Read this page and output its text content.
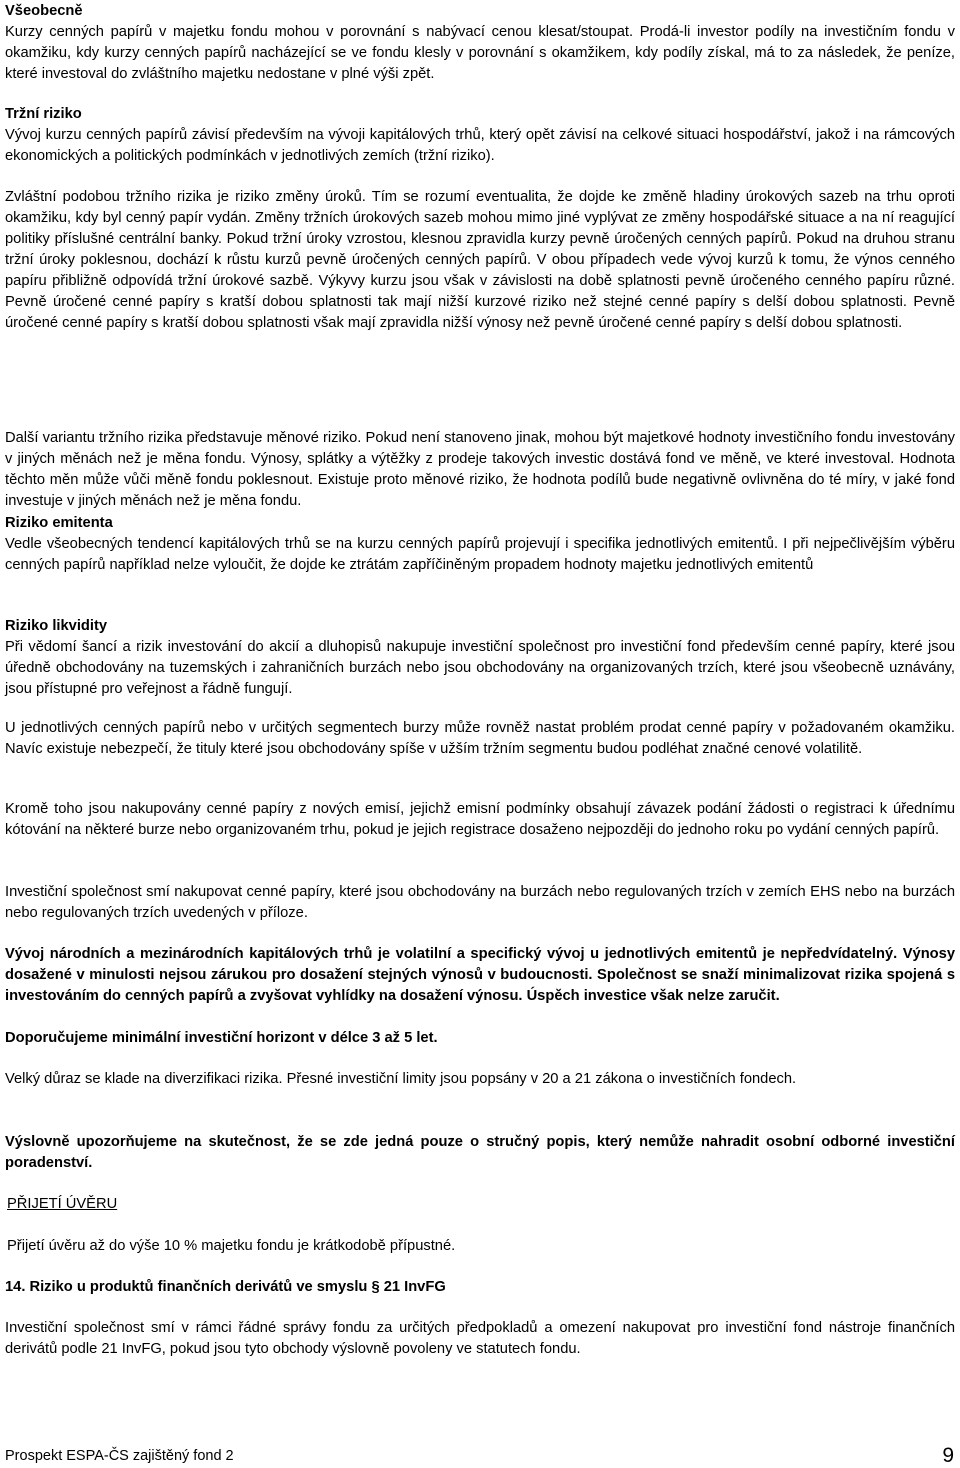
Všeobecně

Kurzy cenných papírů v majetku fondu mohou v porovnání s nabývací cenou klesat/stoupat. Prodá-li investor podíly na investičním fondu v okamžiku, kdy kurzy cenných papírů nacházející se ve fondu klesly v porovnání s okamžikem, kdy podíly získal, má to za následek, že peníze, které investoval do zvláštního majetku nedostane v plné výši zpět.

Tržní riziko

Vývoj kurzu cenných papírů závisí především na vývoji kapitálových trhů, který opět závisí na celkové situaci hospodářství, jakož i na rámcových ekonomických a politických podmínkách v jednotlivých zemích (tržní riziko).

Zvláštní podobou tržního rizika je riziko změny úroků. Tím se rozumí eventualita, že dojde ke změně hladiny úrokových sazeb na trhu oproti okamžiku, kdy byl cenný papír vydán. Změny tržních úrokových sazeb mohou mimo jiné vyplývat ze změny hospodářské situace a na ní reagující politiky příslušné centrální banky. Pokud tržní úroky vzrostou, klesnou zpravidla kurzy pevně úročených cenných papírů. Pokud na druhou stranu tržní úroky poklesnou, dochází k růstu kurzů pevně úročených cenných papírů. V obou případech vede vývoj kurzů k tomu, že výnos cenného papíru přibližně odpovídá tržní úrokové sazbě. Výkyvy kurzu jsou však v závislosti na době splatnosti pevně úročeného cenného papíru různé. Pevně úročené cenné papíry s kratší dobou splatnosti tak mají nižší kurzové riziko než stejné cenné papíry s delší dobou splatnosti. Pevně úročené cenné papíry s kratší dobou splatnosti však mají zpravidla nižší výnosy než pevně úročené cenné papíry s delší dobou splatnosti.

Další variantu tržního rizika představuje měnové riziko. Pokud není stanoveno jinak, mohou být majetkové hodnoty investičního fondu investovány v jiných měnách než je měna fondu. Výnosy, splátky a výtěžky z prodeje takových investic dostává fond ve měně, ve které investoval. Hodnota těchto měn může vůči měně fondu poklesnout. Existuje proto měnové riziko, že hodnota podílů bude negativně ovlivněna do té míry, v jaké fond investuje v jiných měnách než je měna fondu.

Riziko emitenta

Vedle všeobecných tendencí kapitálových trhů se na kurzu cenných papírů projevují i specifika jednotlivých emitentů. I při nejpečlivějším výběru cenných papírů například nelze vyloučit, že dojde ke ztrátám zapříčiněným propadem hodnoty majetku jednotlivých emitentů

Riziko likvidity

Při vědomí šancí a rizik investování do akcií a dluhopisů nakupuje investiční společnost pro investiční fond především cenné papíry, které jsou úředně obchodovány na tuzemských i zahraničních burzách nebo jsou obchodovány na organizovaných trzích, které jsou všeobecně uznávány, jsou přístupné pro veřejnost a řádně fungují.

U jednotlivých cenných papírů nebo v určitých segmentech burzy může rovněž nastat problém prodat cenné papíry v požadovaném okamžiku. Navíc existuje nebezpečí, že tituly které jsou obchodovány spíše v užším tržním segmentu budou podléhat značné cenové volatilitě.

Kromě toho jsou nakupovány cenné papíry z nových emisí, jejichž emisní podmínky obsahují závazek podání žádosti o registraci k úřednímu kótování na některé burze nebo organizovaném trhu, pokud je jejich registrace dosaženo nejpozději do jednoho roku po vydání cenných papírů.

Investiční společnost smí nakupovat cenné papíry, které jsou obchodovány na burzách nebo regulovaných trzích v zemích EHS nebo na burzách nebo regulovaných trzích uvedených v příloze.

Vývoj národních a mezinárodních kapitálových trhů je volatilní a specifický vývoj u jednotlivých emitentů je nepředvídatelný. Výnosy dosažené v minulosti nejsou zárukou pro dosažení stejných výnosů v budoucnosti. Společnost se snaží minimalizovat rizika spojená s investováním do cenných papírů a zvyšovat vyhlídky na dosažení výnosu. Úspěch investice však nelze zaručit.

Doporučujeme minimální investiční horizont v délce 3 až 5 let.

Velký důraz se klade na diverzifikaci rizika. Přesné investiční limity jsou popsány v 20 a 21 zákona o investičních fondech.

Výslovně upozorňujeme na skutečnost, že se zde jedná pouze o stručný popis, který nemůže nahradit osobní odborné investiční poradenství.

PŘIJETÍ ÚVĚRU

Přijetí úvěru až do výše 10 % majetku fondu je krátkodobě přípustné.

14. Riziko u produktů finančních derivátů ve smyslu § 21 InvFG

Investiční společnost smí v rámci řádné správy fondu za určitých předpokladů a omezení nakupovat pro investiční fond nástroje finančních derivátů podle 21 InvFG, pokud jsou tyto obchody výslovně povoleny ve statutech fondu.

Prospekt ESPA-ČS zajištěný fond 2	9
